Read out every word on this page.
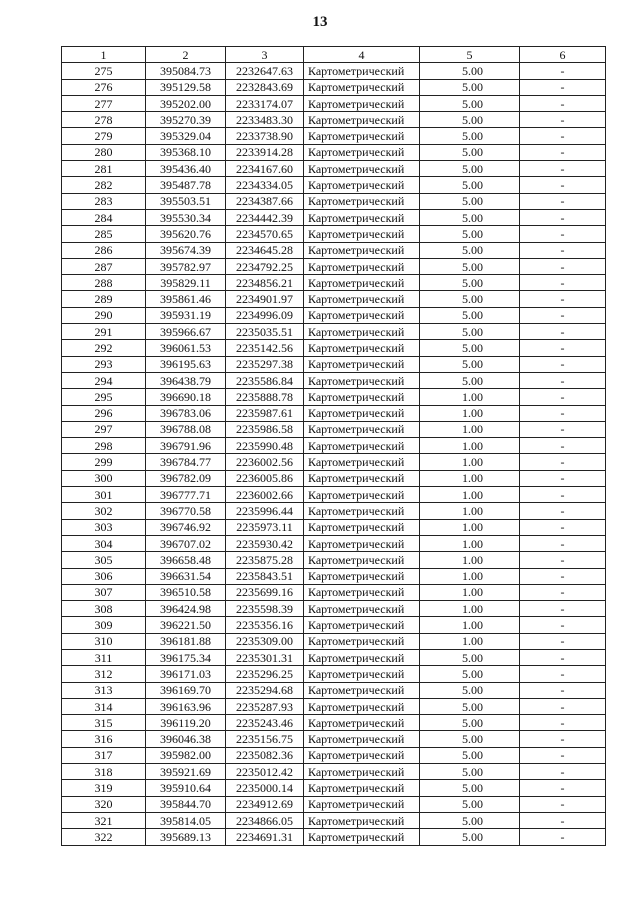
13
1	2	3	4	5	6
275	395084.73	2232647.63	Картометрический	5.00	-
276	395129.58	2232843.69	Картометрический	5.00	-
277	395202.00	2233174.07	Картометрический	5.00	-
278	395270.39	2233483.30	Картометрический	5.00	-
279	395329.04	2233738.90	Картометрический	5.00	-
280	395368.10	2233914.28	Картометрический	5.00	-
281	395436.40	2234167.60	Картометрический	5.00	-
282	395487.78	2234334.05	Картометрический	5.00	-
283	395503.51	2234387.66	Картометрический	5.00	-
284	395530.34	2234442.39	Картометрический	5.00	-
285	395620.76	2234570.65	Картометрический	5.00	-
286	395674.39	2234645.28	Картометрический	5.00	-
287	395782.97	2234792.25	Картометрический	5.00	-
288	395829.11	2234856.21	Картометрический	5.00	-
289	395861.46	2234901.97	Картометрический	5.00	-
290	395931.19	2234996.09	Картометрический	5.00	-
291	395966.67	2235035.51	Картометрический	5.00	-
292	396061.53	2235142.56	Картометрический	5.00	-
293	396195.63	2235297.38	Картометрический	5.00	-
294	396438.79	2235586.84	Картометрический	5.00	-
295	396690.18	2235888.78	Картометрический	1.00	-
296	396783.06	2235987.61	Картометрический	1.00	-
297	396788.08	2235986.58	Картометрический	1.00	-
298	396791.96	2235990.48	Картометрический	1.00	-
299	396784.77	2236002.56	Картометрический	1.00	-
300	396782.09	2236005.86	Картометрический	1.00	-
301	396777.71	2236002.66	Картометрический	1.00	-
302	396770.58	2235996.44	Картометрический	1.00	-
303	396746.92	2235973.11	Картометрический	1.00	-
304	396707.02	2235930.42	Картометрический	1.00	-
305	396658.48	2235875.28	Картометрический	1.00	-
306	396631.54	2235843.51	Картометрический	1.00	-
307	396510.58	2235699.16	Картометрический	1.00	-
308	396424.98	2235598.39	Картометрический	1.00	-
309	396221.50	2235356.16	Картометрический	1.00	-
310	396181.88	2235309.00	Картометрический	1.00	-
311	396175.34	2235301.31	Картометрический	5.00	-
312	396171.03	2235296.25	Картометрический	5.00	-
313	396169.70	2235294.68	Картометрический	5.00	-
314	396163.96	2235287.93	Картометрический	5.00	-
315	396119.20	2235243.46	Картометрический	5.00	-
316	396046.38	2235156.75	Картометрический	5.00	-
317	395982.00	2235082.36	Картометрический	5.00	-
318	395921.69	2235012.42	Картометрический	5.00	-
319	395910.64	2235000.14	Картометрический	5.00	-
320	395844.70	2234912.69	Картометрический	5.00	-
321	395814.05	2234866.05	Картометрический	5.00	-
322	395689.13	2234691.31	Картометрический	5.00	-
